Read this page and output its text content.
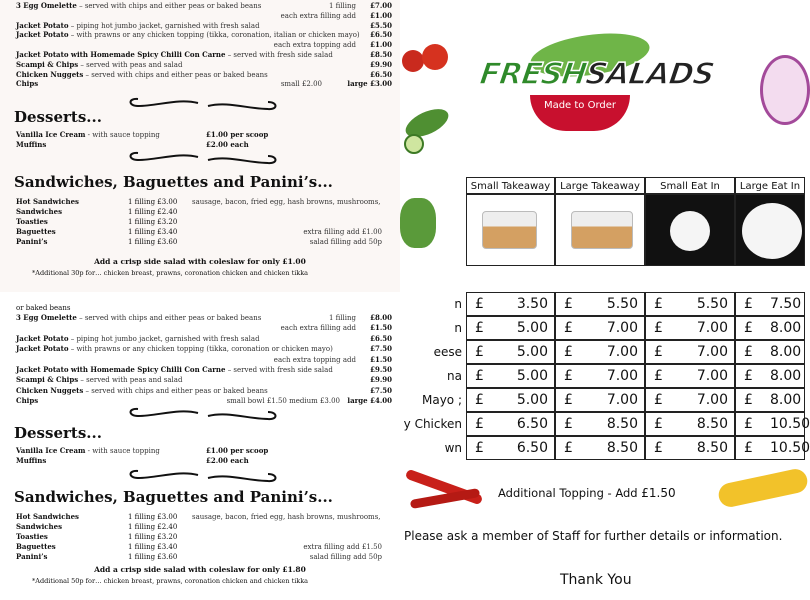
3 Egg Omelette – served with chips and either peas or baked beans	1 filling £7.00
each extra filling add £1.00
Jacket Potato – piping hot jumbo jacket, garnished with fresh salad	£5.50
Jacket Potato – with prawns or any chicken topping (tikka, coronation, italian or chicken mayo) £6.50
each extra topping add £1.00
Jacket Potato with Homemade Spicy Chilli Con Carne – served with fresh side salad	£8.50
Scampi & Chips – served with peas and salad	£9.90
Chicken Nuggets – served with chips and either peas or baked beans	£6.50
Chips	small £2.00	large £3.00
Desserts...
Vanilla Ice Cream - with sauce topping	£1.00 per scoop
Muffins	£2.00 each
Sandwiches, Baguettes and Panini’s...
Hot Sandwiches	1 filling £3.00 sausage, bacon, fried egg, hash browns, mushrooms,
Sandwiches	1 filling £2.40
Toasties	1 filling £3.20
Baguettes	1 filling £3.40	extra filling add £1.00
Panini’s	1 filling £3.60	salad filling add 50p
Add a crisp side salad with coleslaw for only £1.00
*Additional 30p for… chicken breast, prawns, coronation chicken and chicken tikka
or baked beans
3 Egg Omelette – served with chips and either peas or baked beans	1 filling £8.00
each extra filling add £1.50
Jacket Potato – piping hot jumbo jacket, garnished with fresh salad	£6.50
Jacket Potato – with prawns or any chicken topping (tikka, coronation or chicken mayo)	£7.50
each extra topping add £1.50
Jacket Potato with Homemade Spicy Chilli Con Carne – served with fresh side salad	£9.50
Scampi & Chips – served with peas and salad	£9.90
Chicken Nuggets – served with chips and either peas or baked beans	£7.50
Chips	small bowl £1.50 medium £3.00 large £4.00
Desserts...
Vanilla Ice Cream - with sauce topping	£1.00 per scoop
Muffins	£2.00 each
Sandwiches, Baguettes and Panini’s...
Hot Sandwiches	1 filling £3.00 sausage, bacon, fried egg, hash browns, mushrooms,
Sandwiches	1 filling £2.40
Toasties	1 filling £3.20
Baguettes	1 filling £3.40	extra filling add £1.50
Panini’s	1 filling £3.60	salad filling add 50p
Add a crisp side salad with coleslaw for only £1.80
*Additional 50p for… chicken breast, prawns, coronation chicken and chicken tikka
FRESHSALADS
Made to Order
Additional Topping - Add £1.50
Please ask a member of Staff for further details or information.
Thank You
Small Takeaway Large Takeaway	Small Eat In	Large Eat In
n £ 3.50 £ 5.50 £ 5.50 £ 7.50
n £ 5.00 £ 7.00 £ 7.00 £ 8.00
eese £ 5.00 £ 7.00 £ 7.00 £ 8.00
na £ 5.00 £ 7.00 £ 7.00 £ 8.00
; Mayo £ 5.00 £ 7.00 £ 7.00 £ 8.00
y Chicken £ 6.50 £ 8.50 £ 8.50 £ 10.50
wn £ 6.50 £ 8.50 £ 8.50 £ 10.50
